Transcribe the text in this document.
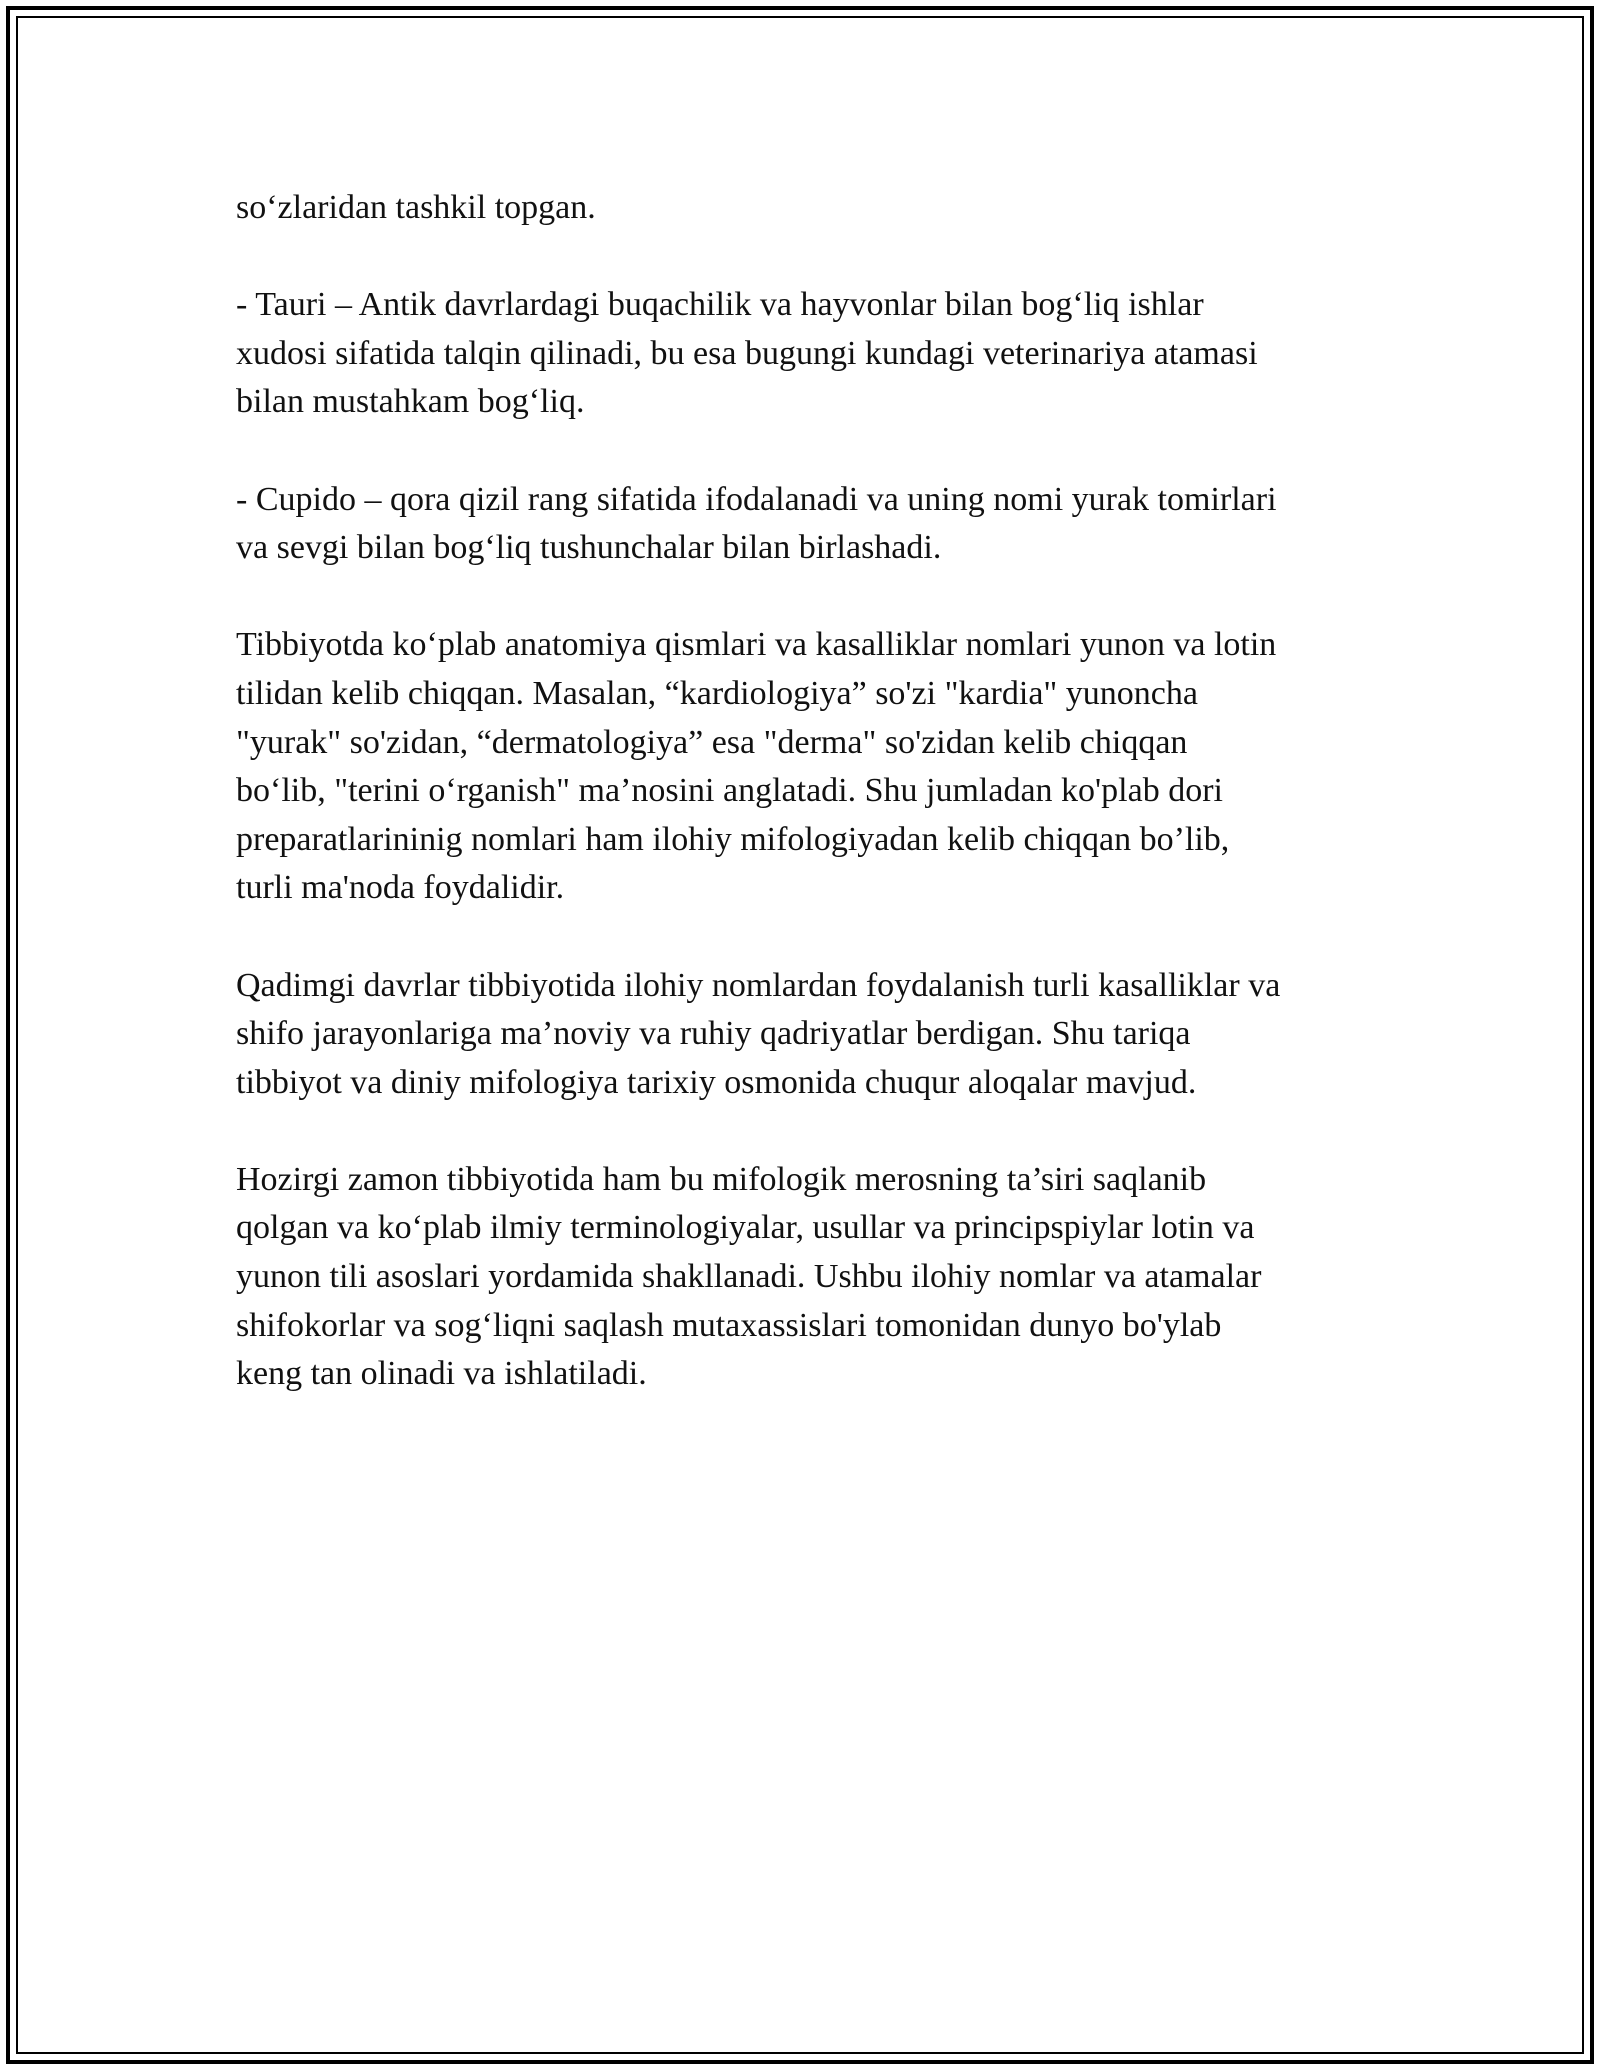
so‘zlaridan tashkil topgan.

- Tauri – Antik davrlardagi buqachilik va hayvonlar bilan bog‘liq ishlar
xudosi sifatida talqin qilinadi, bu esa bugungi kundagi veterinariya atamasi
bilan mustahkam bog‘liq.

- Cupido – qora qizil rang sifatida ifodalanadi va uning nomi yurak tomirlari
va sevgi bilan bog‘liq tushunchalar bilan birlashadi.

Tibbiyotda ko‘plab anatomiya qismlari va kasalliklar nomlari yunon va lotin
tilidan kelib chiqqan. Masalan, “kardiologiya” so'zi "kardia" yunoncha
"yurak" so'zidan, “dermatologiya” esa "derma" so'zidan kelib chiqqan
bo‘lib, "terini o‘rganish" ma’nosini anglatadi. Shu jumladan ko'plab dori
preparatlarininig nomlari ham ilohiy mifologiyadan kelib chiqqan bo’lib,
turli ma'noda foydalidir.

Qadimgi davrlar tibbiyotida ilohiy nomlardan foydalanish turli kasalliklar va
shifo jarayonlariga ma’noviy va ruhiy qadriyatlar berdigan. Shu tariqa
tibbiyot va diniy mifologiya tarixiy osmonida chuqur aloqalar mavjud.

Hozirgi zamon tibbiyotida ham bu mifologik merosning ta’siri saqlanib
qolgan va ko‘plab ilmiy terminologiyalar, usullar va principspiylar lotin va
yunon tili asoslari yordamida shakllanadi. Ushbu ilohiy nomlar va atamalar
shifokorlar va sog‘liqni saqlash mutaxassislari tomonidan dunyo bo'ylab
keng tan olinadi va ishlatiladi.
